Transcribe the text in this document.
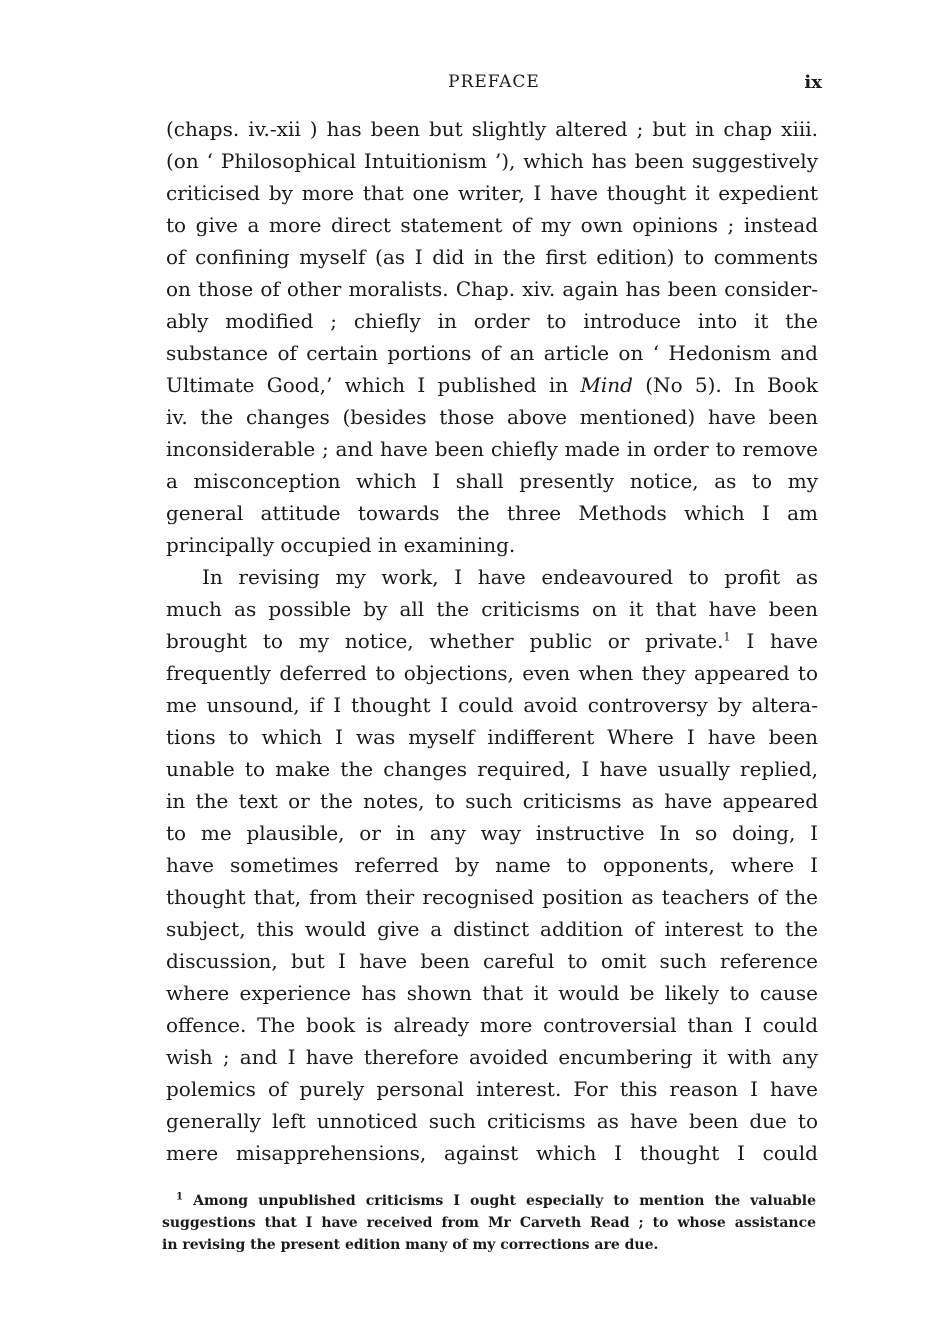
PREFACE	ix
(chaps. iv.-xii ) has been but slightly altered ; but in chap xiii.
(on ‘ Philosophical Intuitionism ’), which has been suggestively
criticised by more that one writer, I have thought it expedient
to give a more direct statement of my own opinions ; instead
of confining myself (as I did in the first edition) to comments
on those of other moralists. Chap. xiv. again has been consider-
ably modified ; chiefly in order to introduce into it the
substance of certain portions of an article on ‘ Hedonism and
Ultimate Good,’ which I published in Mind (No 5). In Book
iv. the changes (besides those above mentioned) have been
inconsiderable ; and have been chiefly made in order to remove
a misconception which I shall presently notice, as to my
general attitude towards the three Methods which I am
principally occupied in examining.
In revising my work, I have endeavoured to profit as
much as possible by all the criticisms on it that have been
brought to my notice, whether public or private.$^1$ I have
frequently deferred to objections, even when they appeared to
me unsound, if I thought I could avoid controversy by altera-
tions to which I was myself indifferent Where I have been
unable to make the changes required, I have usually replied,
in the text or the notes, to such criticisms as have appeared
to me plausible, or in any way instructive In so doing, I
have sometimes referred by name to opponents, where I
thought that, from their recognised position as teachers of the
subject, this would give a distinct addition of interest to the
discussion, but I have been careful to omit such reference
where experience has shown that it would be likely to cause
offence. The book is already more controversial than I could
wish ; and I have therefore avoided encumbering it with any
polemics of purely personal interest. For this reason I have
generally left unnoticed such criticisms as have been due to
mere misapprehensions, against which I thought I could
$^1$ Among unpublished criticisms I ought especially to mention the valuable
suggestions that I have received from Mr Carveth Read ; to whose assistance
in revising the present edition many of my corrections are due.
